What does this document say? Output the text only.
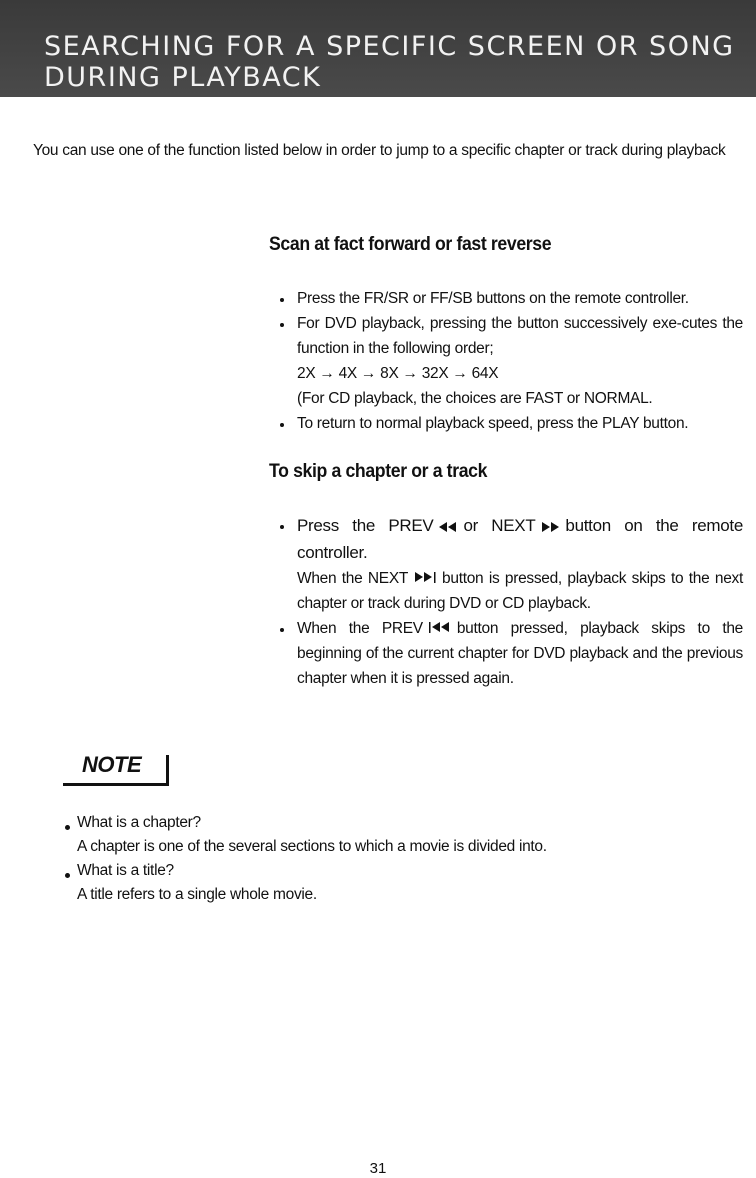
SEARCHING FOR A SPECIFIC SCREEN OR SONG DURING PLAYBACK

You can use one of the function listed below in order to jump to a specific chapter or track during playback

Scan at fact forward or fast reverse
Press the FR/SR or FF/SB buttons on the remote controller.
For DVD playback, pressing the button successively exe-cutes the function in the following order;
2X → 4X → 8X → 32X → 64X
(For CD playback, the choices are FAST or NORMAL.
To return to normal playback speed, press the PLAY button.
To skip a chapter or a track
Press the PREV or NEXT button on the remote controller.
When the NEXT button is pressed, playback skips to the next chapter or track during DVD or CD playback.
When the PREV button pressed, playback skips to the beginning of the current chapter for DVD playback and the previous chapter when it is pressed again.

NOTE

What is a chapter?
A chapter is one of the several sections to which a movie is divided into.
What is a title?
A title refers to a single whole movie.

31
